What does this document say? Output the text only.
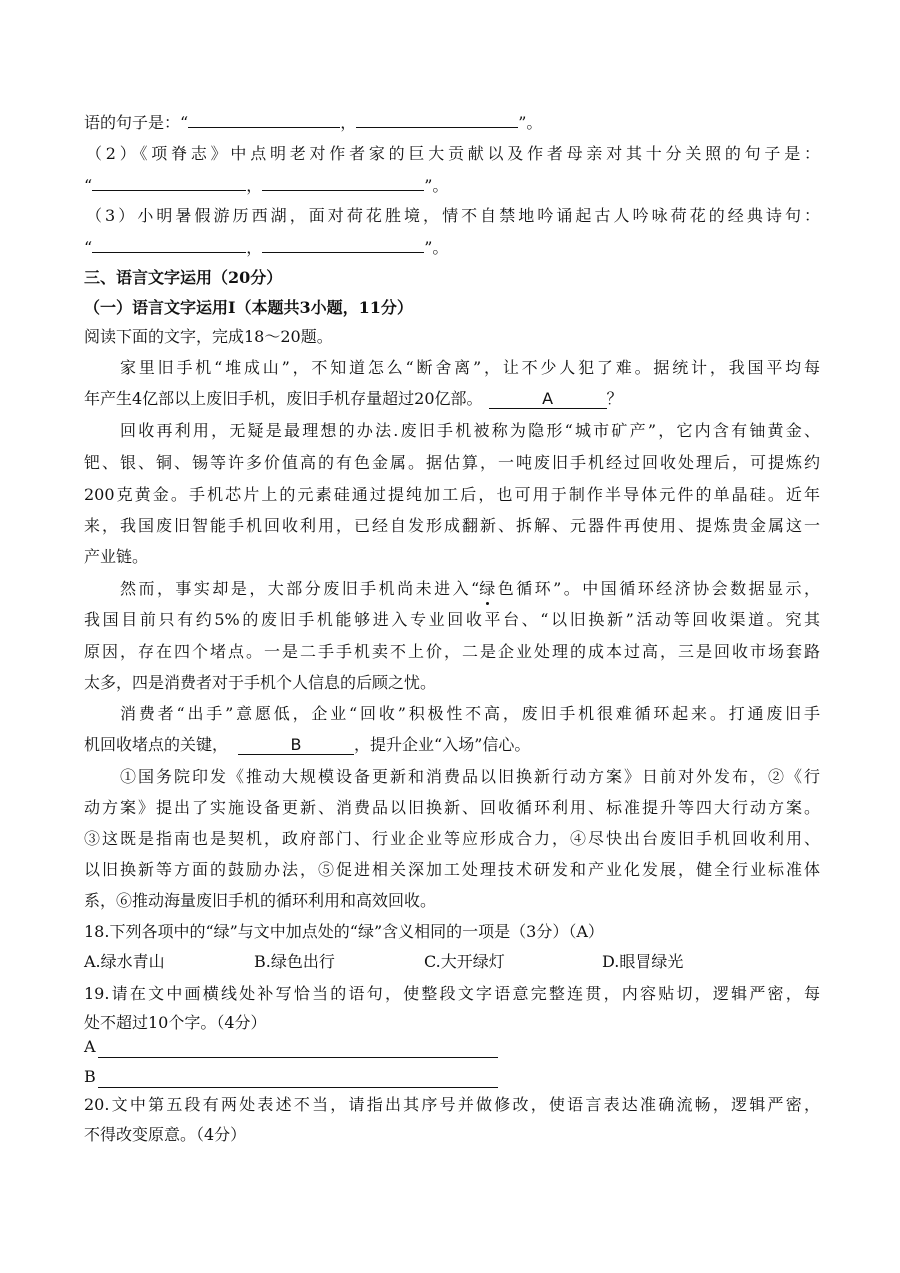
语的句子是：“	，	”。
（2）《项脊志》中点明老对作者家的巨大贡献以及作者母亲对其十分关照的句子是：
“	，	”。
（3）小明暑假游历西湖，面对荷花胜境，情不自禁地吟诵起古人吟咏荷花的经典诗句：
“	，	”。
三、语言文字运用（20分）
（一）语言文字运用Ⅰ（本题共3小题，11分）
阅读下面的文字，完成18～20题。
家里旧手机“堆成山”，不知道怎么“断舍离”，让不少人犯了难。据统计，我国平均每
年产生4亿部以上废旧手机，废旧手机存量超过20亿部。	A	？
回收再利用，无疑是最理想的办法.废旧手机被称为隐形“城市矿产”，它内含有铀黄金、
钯、银、铜、锡等许多价值高的有色金属。据估算，一吨废旧手机经过回收处理后，可提炼约
200克黄金。手机芯片上的元素硅通过提纯加工后，也可用于制作半导体元件的单晶硅。近年
来，我国废旧智能手机回收利用，已经自发形成翻新、拆解、元器件再使用、提炼贵金属这一
产业链。
然而，事实却是，大部分废旧手机尚未进入“绿色循环”。中国循环经济协会数据显示，
我国目前只有约5%的废旧手机能够进入专业回收平台、“以旧换新”活动等回收渠道。究其
原因，存在四个堵点。一是二手手机卖不上价，二是企业处理的成本过高，三是回收市场套路
太多，四是消费者对于手机个人信息的后顾之忧。
消费者“出手”意愿低，企业“回收”积极性不高，废旧手机很难循环起来。打通废旧手
机回收堵点的关键，	B	，提升企业“入场”信心。
①国务院印发《推动大规模设备更新和消费品以旧换新行动方案》日前对外发布，②《行
动方案》提出了实施设备更新、消费品以旧换新、回收循环利用、标准提升等四大行动方案。
③这既是指南也是契机，政府部门、行业企业等应形成合力，④尽快出台废旧手机回收利用、
以旧换新等方面的鼓励办法，⑤促进相关深加工处理技术研发和产业化发展，健全行业标准体
系，⑥推动海量废旧手机的循环利用和高效回收。
18.下列各项中的“绿”与文中加点处的“绿”含义相同的一项是（3分）（A）
A.绿水青山	B.绿色出行	C.大开绿灯	D.眼冒绿光
19.请在文中画横线处补写恰当的语句，使整段文字语意完整连贯，内容贴切，逻辑严密，每
处不超过10个字。（4分）
A
B
20.文中第五段有两处表述不当，请指出其序号并做修改，使语言表达准确流畅，逻辑严密，
不得改变原意。（4分）
